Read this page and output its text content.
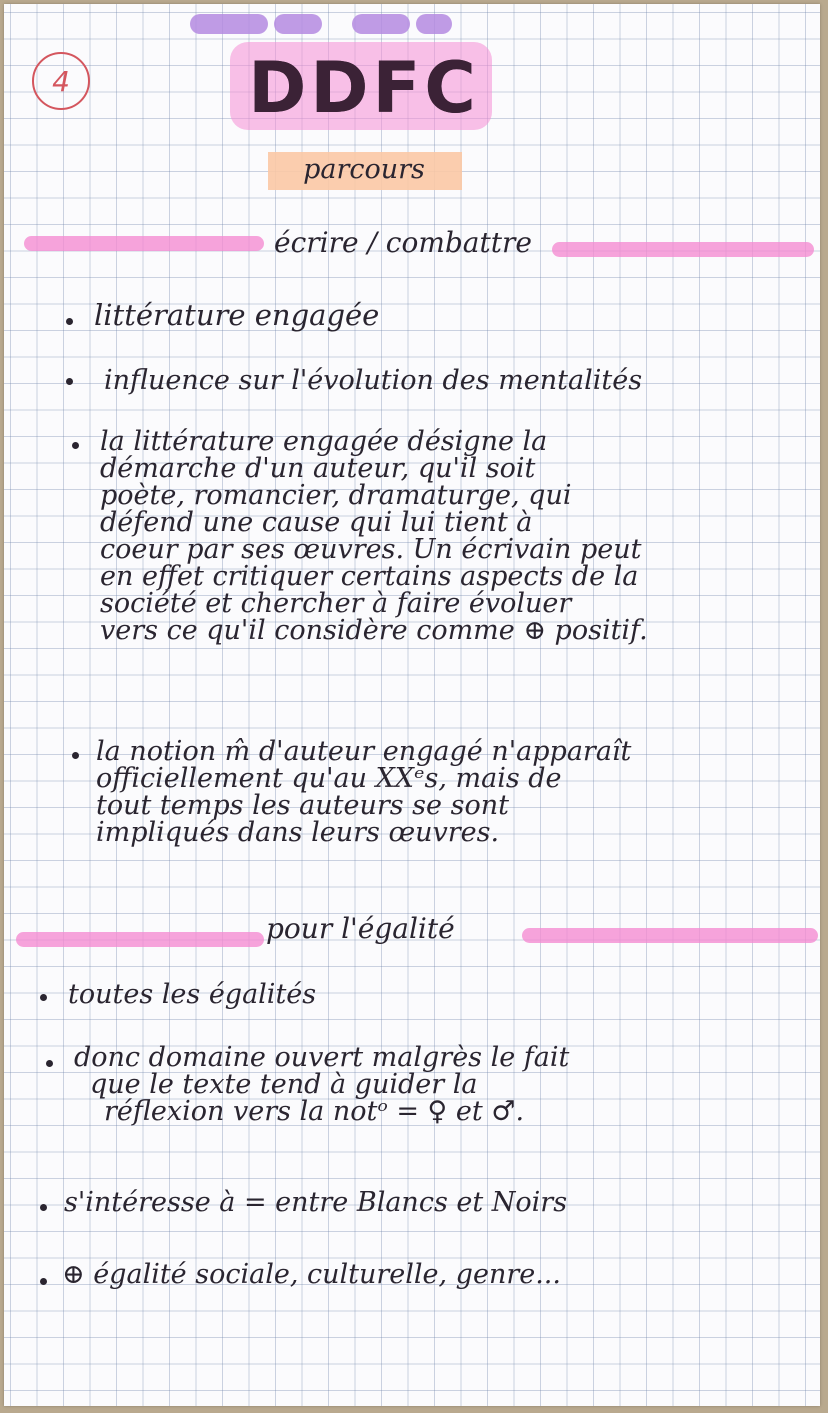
4	DDFC
parcours
écrire / combattre
littérature engagée
influence sur l'évolution des mentalités
la littérature engagée désigne la
démarche d'un auteur, qu'il soit
poète, romancier, dramaturge, qui
défend une cause qui lui tient à
coeur par ses œuvres. Un écrivain peut
en effet critiquer certains aspects de la
société et chercher à faire évoluer
vers ce qu'il considère comme ⊕ positif.
la notion m̂ d'auteur engagé n'apparaît
officiellement qu'au XXᵉs, mais de
tout temps les auteurs se sont
impliqués dans leurs œuvres.
pour l'égalité
toutes les égalités
donc domaine ouvert malgrès le fait
que le texte tend à guider la
réflexion vers la notᵒ = ♀ et ♂.
s'intéresse à = entre Blancs et Noirs
⊕ égalité sociale, culturelle, genre...
